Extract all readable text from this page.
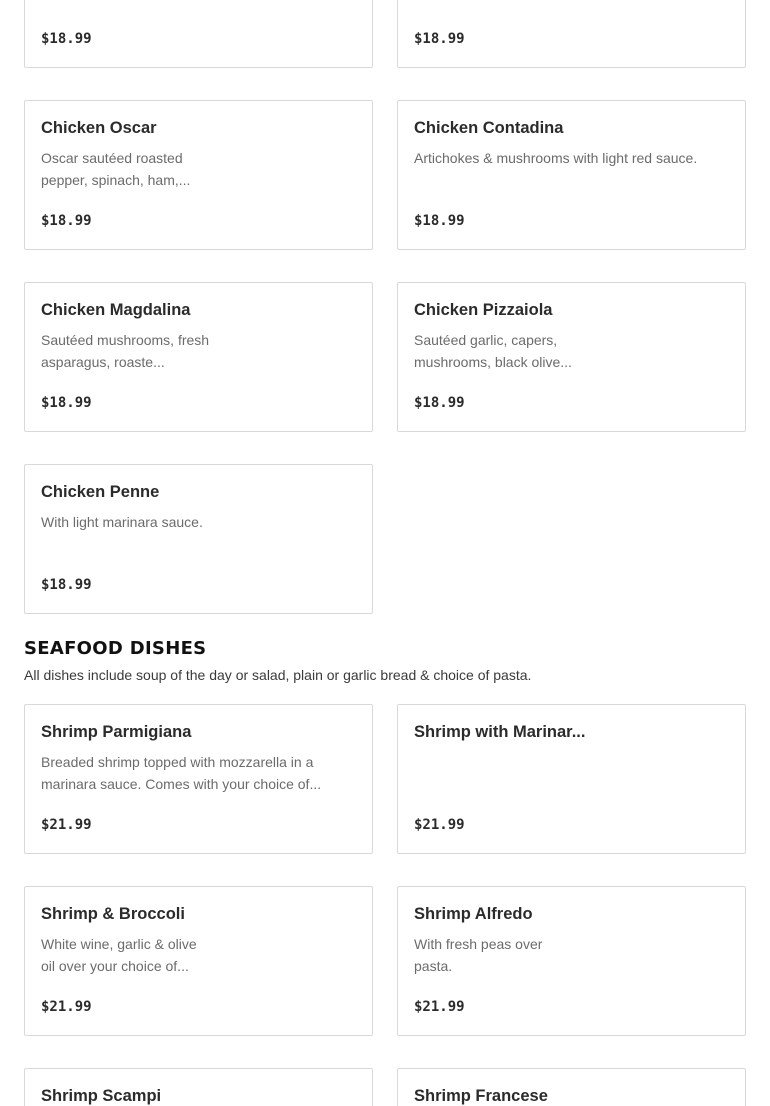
$18.99	$18.99
Chicken Oscar
Oscar sautéed roasted pepper, spinach, ham,...
$18.99
Chicken Contadina
Artichokes & mushrooms with light red sauce.
$18.99
Chicken Magdalina
Sautéed mushrooms, fresh asparagus, roaste...
$18.99
Chicken Pizzaiola
Sautéed garlic, capers, mushrooms, black olive...
$18.99
Chicken Penne
With light marinara sauce.
$18.99
SEAFOOD DISHES
All dishes include soup of the day or salad, plain or garlic bread & choice of pasta.
Shrimp Parmigiana
Breaded shrimp topped with mozzarella in a marinara sauce. Comes with your choice of...
$21.99
Shrimp with Marinar...
$21.99
Shrimp & Broccoli
White wine, garlic & olive oil over your choice of...
$21.99
Shrimp Alfredo
With fresh peas over pasta.
$21.99
Shrimp Scampi	Shrimp Francese
